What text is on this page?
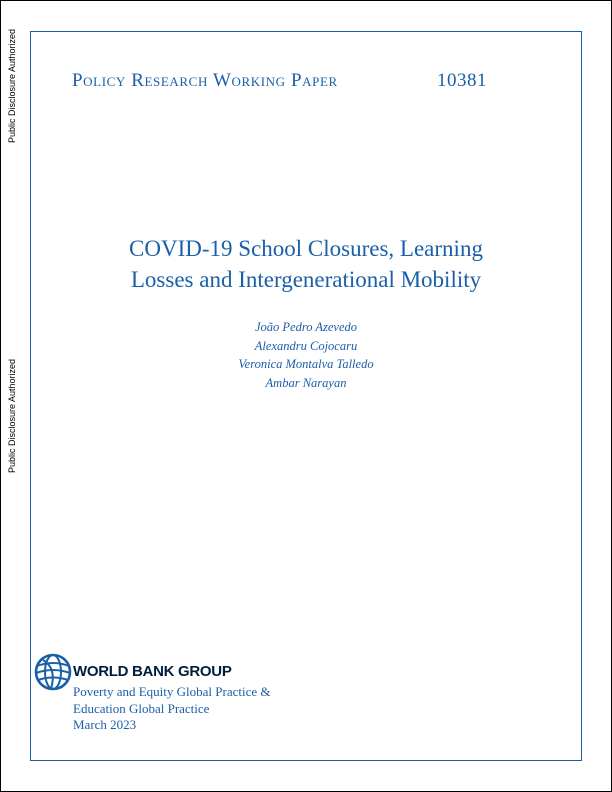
Public Disclosure Authorized
Public Disclosure Authorized
Policy Research Working Paper	10381
COVID-19 School Closures, Learning
Losses and Intergenerational Mobility
João Pedro Azevedo
Alexandru Cojocaru
Veronica Montalva Talledo
Ambar Narayan
WORLD BANK GROUP
Poverty and Equity Global Practice &
Education Global Practice
March 2023
